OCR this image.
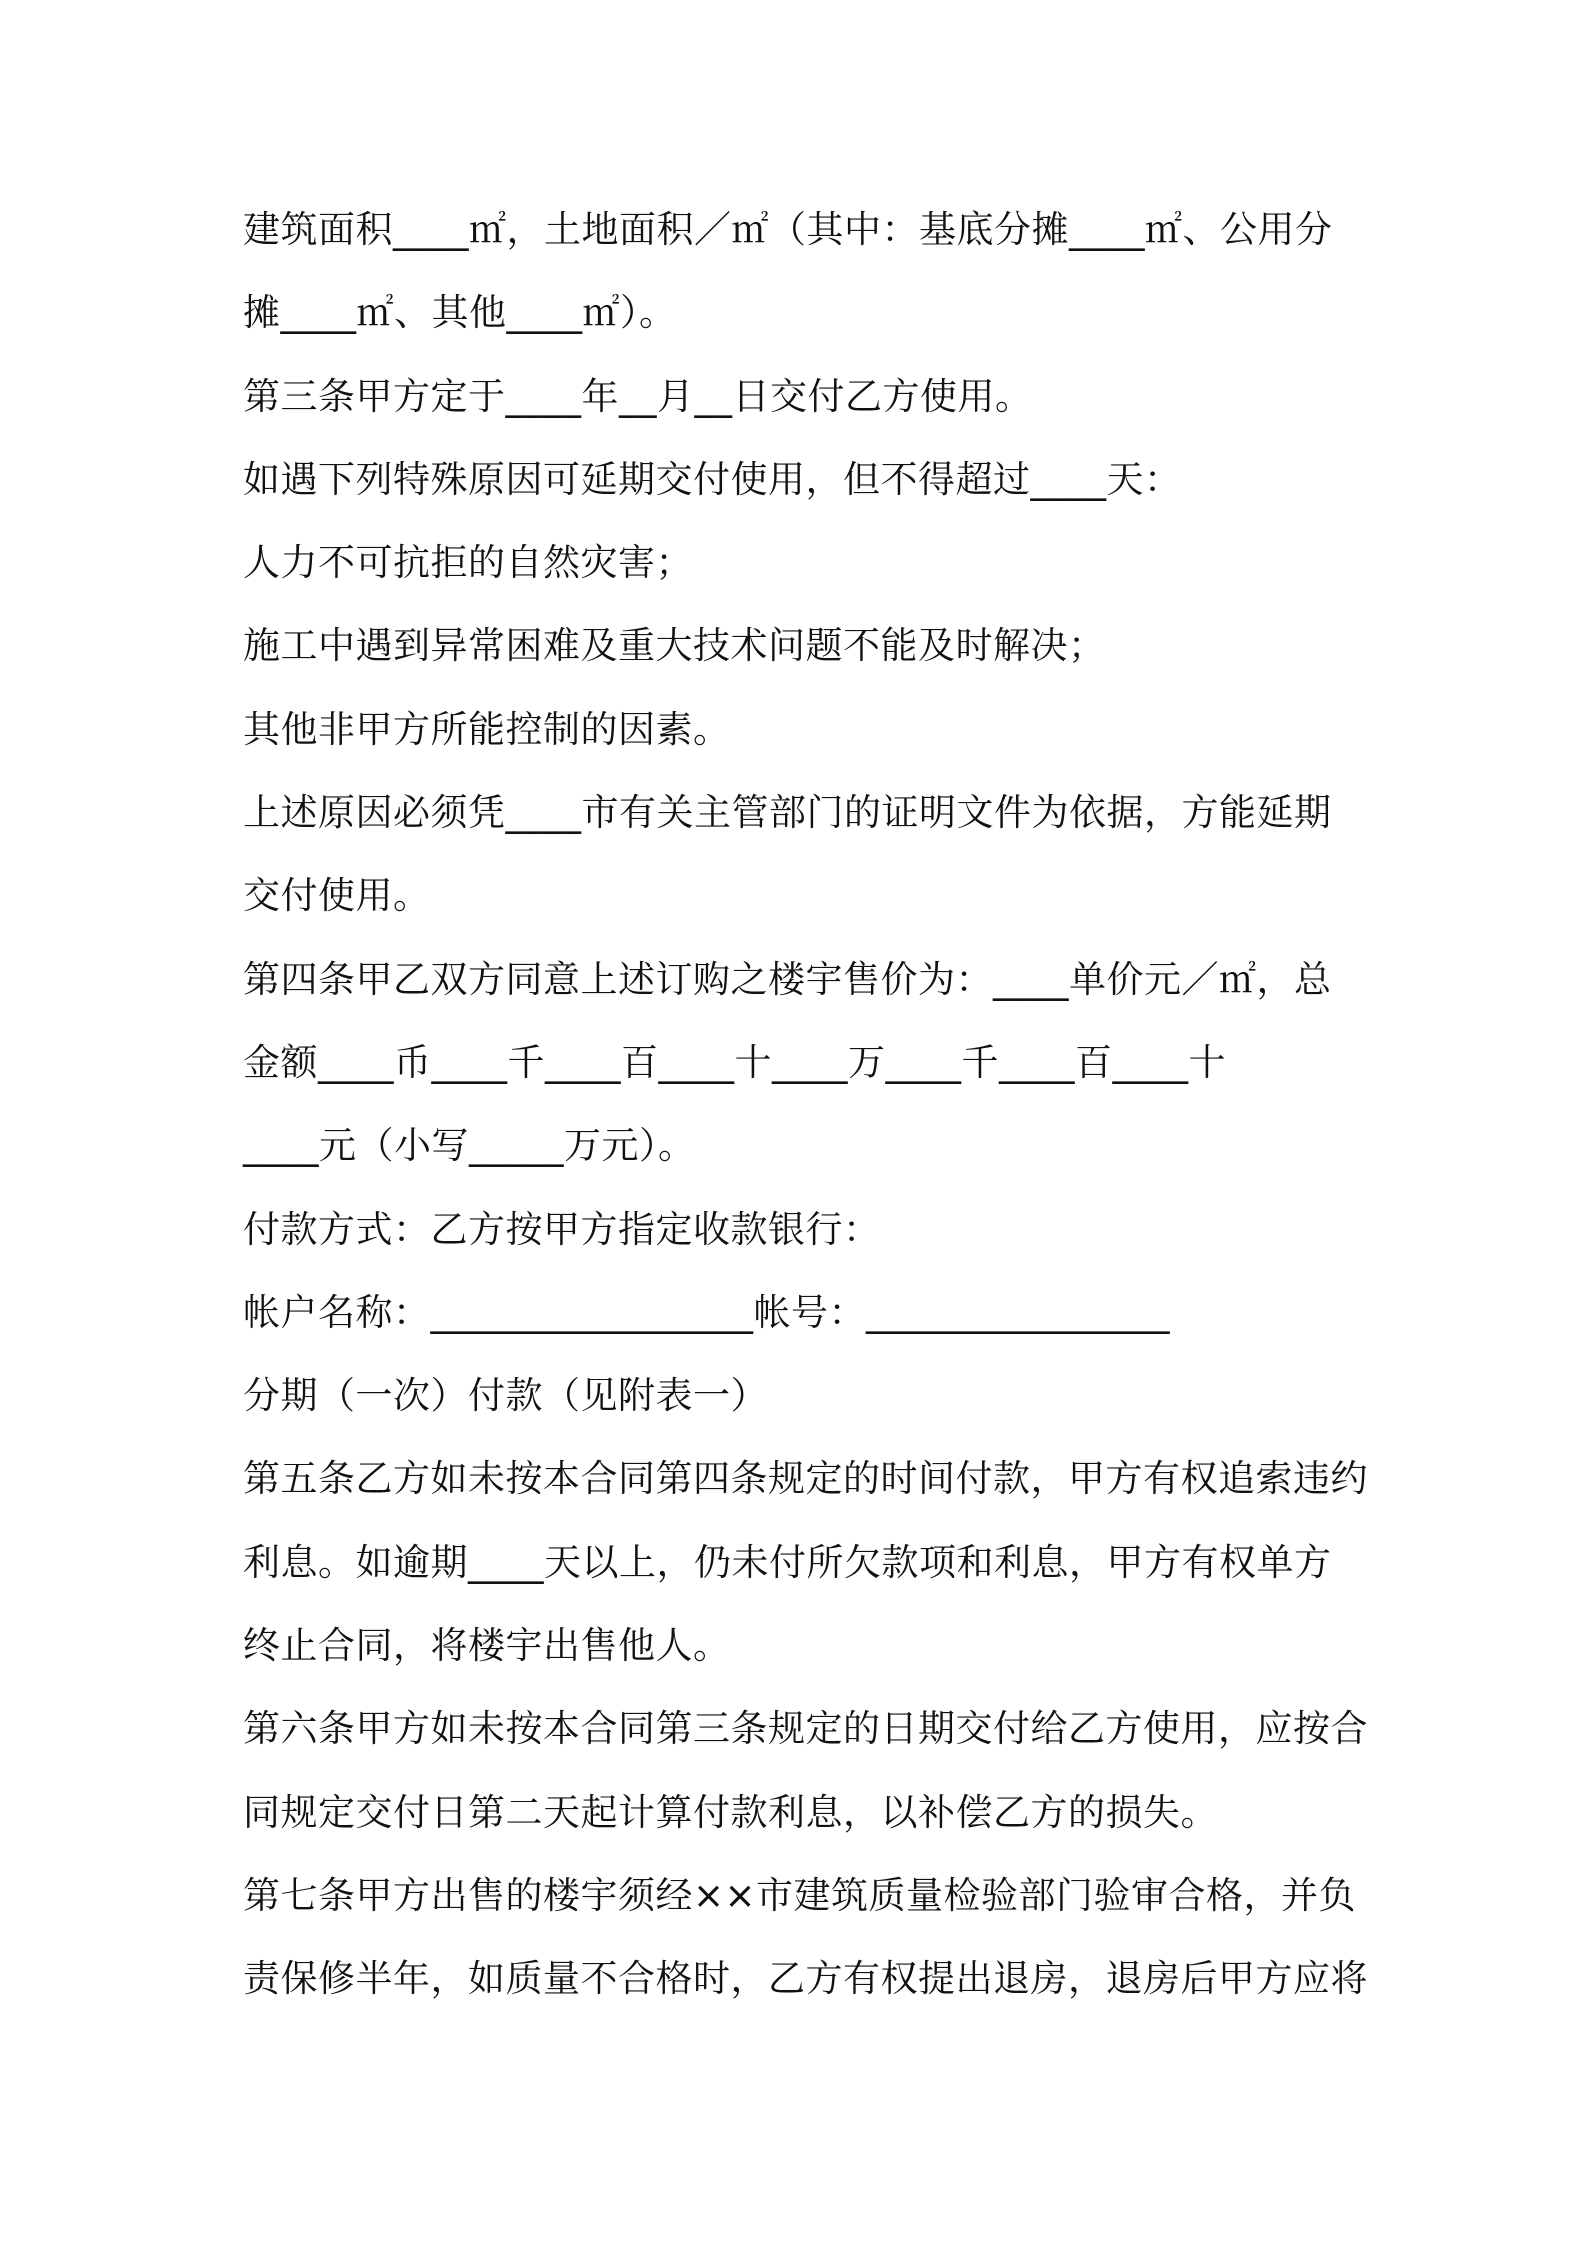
建筑面积____㎡，土地面积／㎡（其中：基底分摊____㎡、公用分
摊____㎡、其他____㎡）。
第三条甲方定于____年__月__日交付乙方使用。
如遇下列特殊原因可延期交付使用，但不得超过____天：
人力不可抗拒的自然灾害；
施工中遇到异常困难及重大技术问题不能及时解决；
其他非甲方所能控制的因素。
上述原因必须凭____市有关主管部门的证明文件为依据，方能延期
交付使用。
第四条甲乙双方同意上述订购之楼宇售价为：____单价元／㎡，总
金额____币____千____百____十____万____千____百____十
____元（小写_____万元）。
付款方式：乙方按甲方指定收款银行：
帐户名称：_________________帐号：________________
分期（一次）付款（见附表一）
第五条乙方如未按本合同第四条规定的时间付款，甲方有权追索违约
利息。如逾期____天以上，仍未付所欠款项和利息，甲方有权单方
终止合同，将楼宇出售他人。
第六条甲方如未按本合同第三条规定的日期交付给乙方使用，应按合
同规定交付日第二天起计算付款利息，以补偿乙方的损失。
第七条甲方出售的楼宇须经××市建筑质量检验部门验审合格，并负
责保修半年，如质量不合格时，乙方有权提出退房，退房后甲方应将
